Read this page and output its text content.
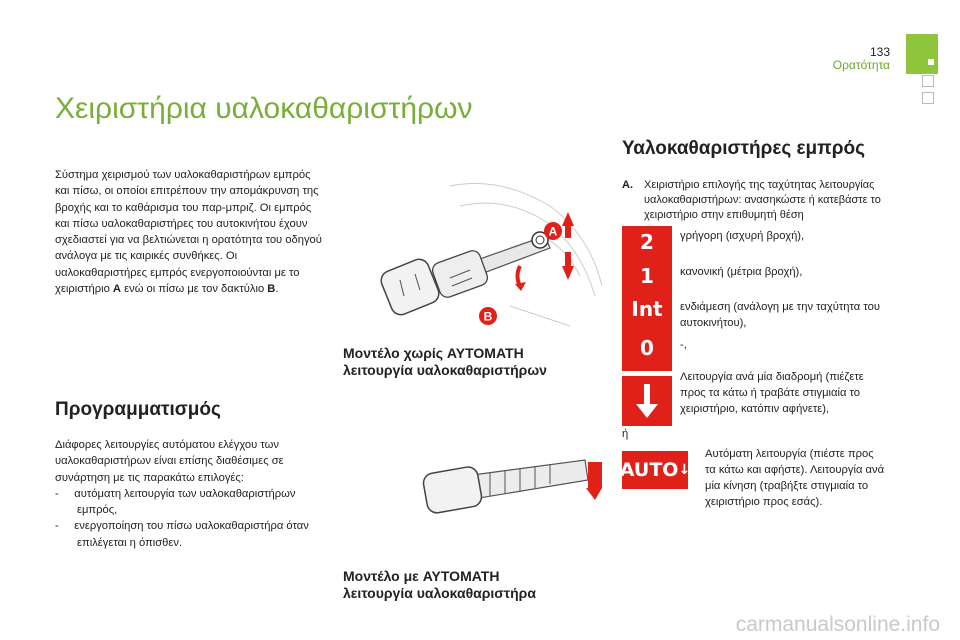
133
Ορατότητα
Χειριστήρια υαλοκαθαριστήρων

Σύστημα χειρισμού των υαλοκαθαριστήρων εμπρός και πίσω, οι οποίοι επιτρέπουν την απομάκρυνση της βροχής και το καθάρισμα του παρ-μπριζ. Οι εμπρός και πίσω υαλοκαθαριστήρες του αυτοκινήτου έχουν σχεδιαστεί για να βελτιώνεται η ορατότητα του οδηγού ανάλογα με τις καιρικές συνθήκες. Οι υαλοκαθαριστήρες εμπρός ενεργοποιούνται με το χειριστήριο A ενώ οι πίσω με τον δακτύλιο B.

Προγραμματισμός
Διάφορες λειτουργίες αυτόματου ελέγχου των υαλοκαθαριστήρων είναι επίσης διαθέσιμες σε συνάρτηση με τις παρακάτω επιλογές:
-     αυτόματη λειτουργία των υαλοκαθαριστήρων εμπρός,
-     ενεργοποίηση του πίσω υαλοκαθαριστήρα όταν επιλέγεται η όπισθεν.
A
B
Μοντέλο χωρίς AYTOMATH
λειτουργία υαλοκαθαριστήρων
Μοντέλο με AYTOMATH
λειτουργία υαλοκαθαριστήρα
Υαλοκαθαριστήρες εμπρός
A. Χειριστήριο επιλογής της ταχύτητας λειτουργίας υαλοκαθαριστήρων: ανασηκώστε ή κατεβάστε το χειριστήριο στην επιθυμητή θέση
2
1
Int
0
γρήγορη (ισχυρή βροχή),
κανονική (μέτρια βροχή),
ενδιάμεση (ανάλογη με την ταχύτητα του αυτοκινήτου),
-,
Λειτουργία ανά μία διαδρομή (πιέζετε προς τα κάτω ή τραβάτε στιγμιαία το χειριστήριο, κατόπιν αφήνετε),
ή
AUTO ↓
Αυτόματη λειτουργία (πιέστε προς τα κάτω και αφήστε). Λειτουργία ανά μία κίνηση (τραβήξτε στιγμιαία το χειριστήριο προς εσάς).
carmanualsonline.info
